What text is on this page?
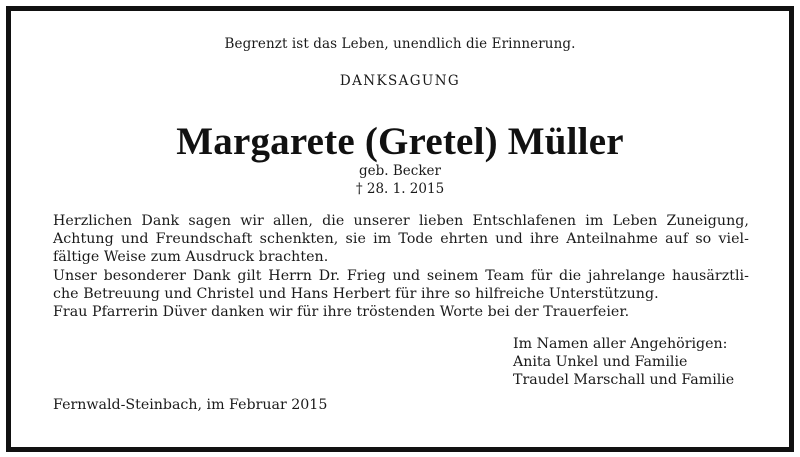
Begrenzt ist das Leben, unendlich die Erinnerung.
DANKSAGUNG
Margarete (Gretel) Müller
geb. Becker
† 28. 1. 2015

Herzlichen Dank sagen wir allen, die unserer lieben Entschlafenen im Leben Zuneigung,
Achtung und Freundschaft schenkten, sie im Tode ehrten und ihre Anteilnahme auf so viel-
fältige Weise zum Ausdruck brachten.

Unser besonderer Dank gilt Herrn Dr. Frieg und seinem Team für die jahrelange hausärztli-
che Betreuung und Christel und Hans Herbert für ihre so hilfreiche Unterstützung.

Frau Pfarrerin Düver danken wir für ihre tröstenden Worte bei der Trauerfeier.

Im Namen aller Angehörigen:
Anita Unkel und Familie
Traudel Marschall und Familie
Fernwald-Steinbach, im Februar 2015
